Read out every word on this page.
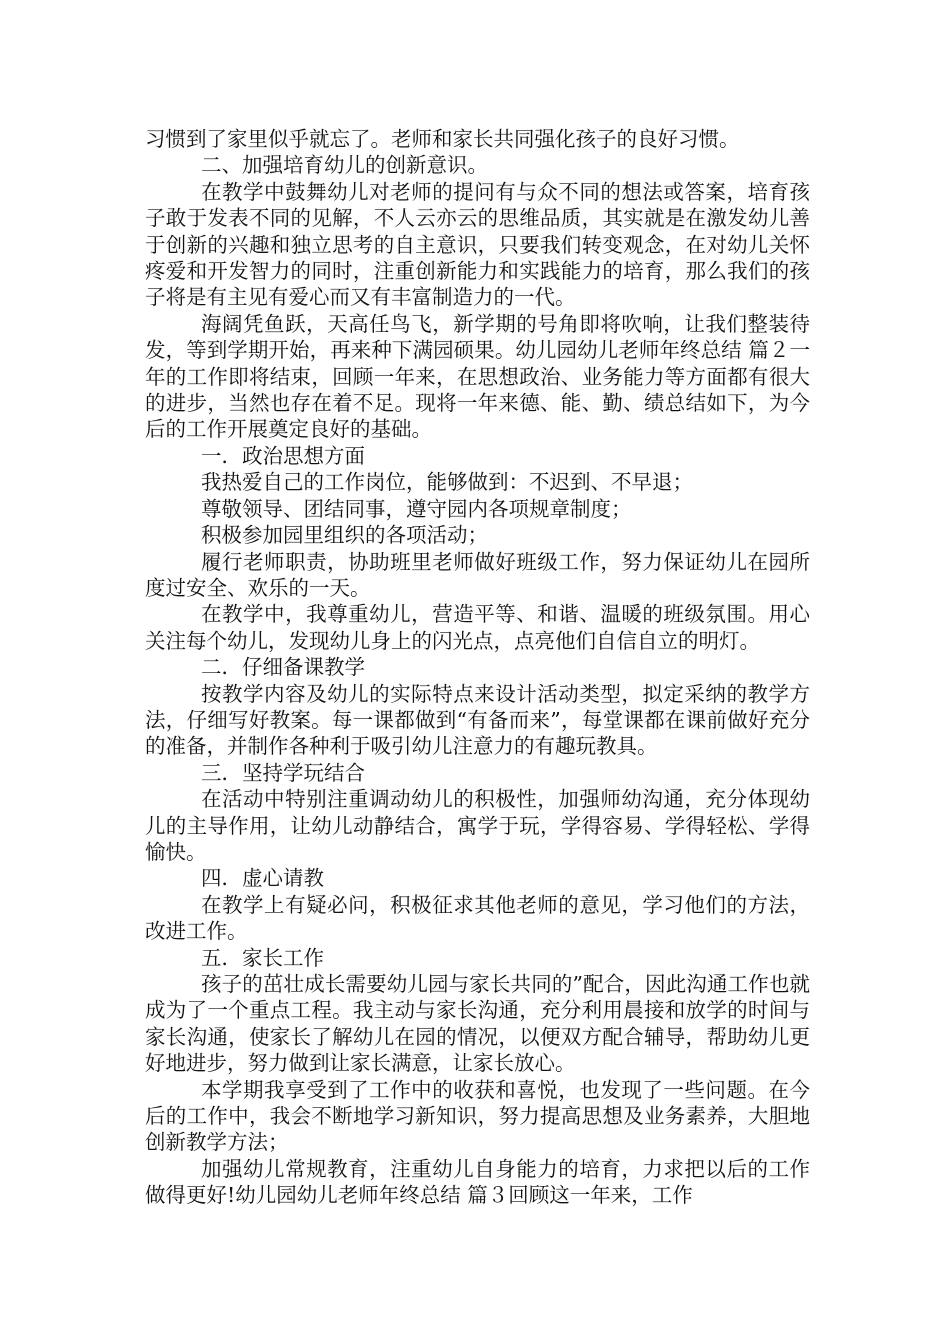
习惯到了家里似乎就忘了。老师和家长共同强化孩子的良好习惯。

二、加强培育幼儿的创新意识。

在教学中鼓舞幼儿对老师的提问有与众不同的想法或答案，培育孩子敢于发表不同的见解，不人云亦云的思维品质，其实就是在激发幼儿善于创新的兴趣和独立思考的自主意识，只要我们转变观念，在对幼儿关怀疼爱和开发智力的同时，注重创新能力和实践能力的培育，那么我们的孩子将是有主见有爱心而又有丰富制造力的一代。

海阔凭鱼跃，天高任鸟飞，新学期的号角即将吹响，让我们整装待发，等到学期开始，再来种下满园硕果。幼儿园幼儿老师年终总结 篇２一年的工作即将结束，回顾一年来，在思想政治、业务能力等方面都有很大的进步，当然也存在着不足。现将一年来德、能、勤、绩总结如下，为今后的工作开展奠定良好的基础。

一．政治思想方面

我热爱自己的工作岗位，能够做到：不迟到、不早退；

尊敬领导、团结同事，遵守园内各项规章制度；

积极参加园里组织的各项活动；

履行老师职责，协助班里老师做好班级工作，努力保证幼儿在园所度过安全、欢乐的一天。

在教学中，我尊重幼儿，营造平等、和谐、温暖的班级氛围。用心关注每个幼儿，发现幼儿身上的闪光点，点亮他们自信自立的明灯。

二．仔细备课教学

按教学内容及幼儿的实际特点来设计活动类型，拟定采纳的教学方法，仔细写好教案。每一课都做到“有备而来”，每堂课都在课前做好充分的准备，并制作各种利于吸引幼儿注意力的有趣玩教具。

三．坚持学玩结合

在活动中特别注重调动幼儿的积极性，加强师幼沟通，充分体现幼儿的主导作用，让幼儿动静结合，寓学于玩，学得容易、学得轻松、学得愉快。

四．虚心请教

在教学上有疑必问，积极征求其他老师的意见，学习他们的方法，改进工作。

五．家长工作

孩子的茁壮成长需要幼儿园与家长共同的”配合，因此沟通工作也就成为了一个重点工程。我主动与家长沟通，充分利用晨接和放学的时间与家长沟通，使家长了解幼儿在园的情况，以便双方配合辅导，帮助幼儿更好地进步，努力做到让家长满意，让家长放心。

本学期我享受到了工作中的收获和喜悦，也发现了一些问题。在今后的工作中，我会不断地学习新知识，努力提高思想及业务素养，大胆地创新教学方法；

加强幼儿常规教育，注重幼儿自身能力的培育，力求把以后的工作做得更好!幼儿园幼儿老师年终总结 篇３回顾这一年来，工作
